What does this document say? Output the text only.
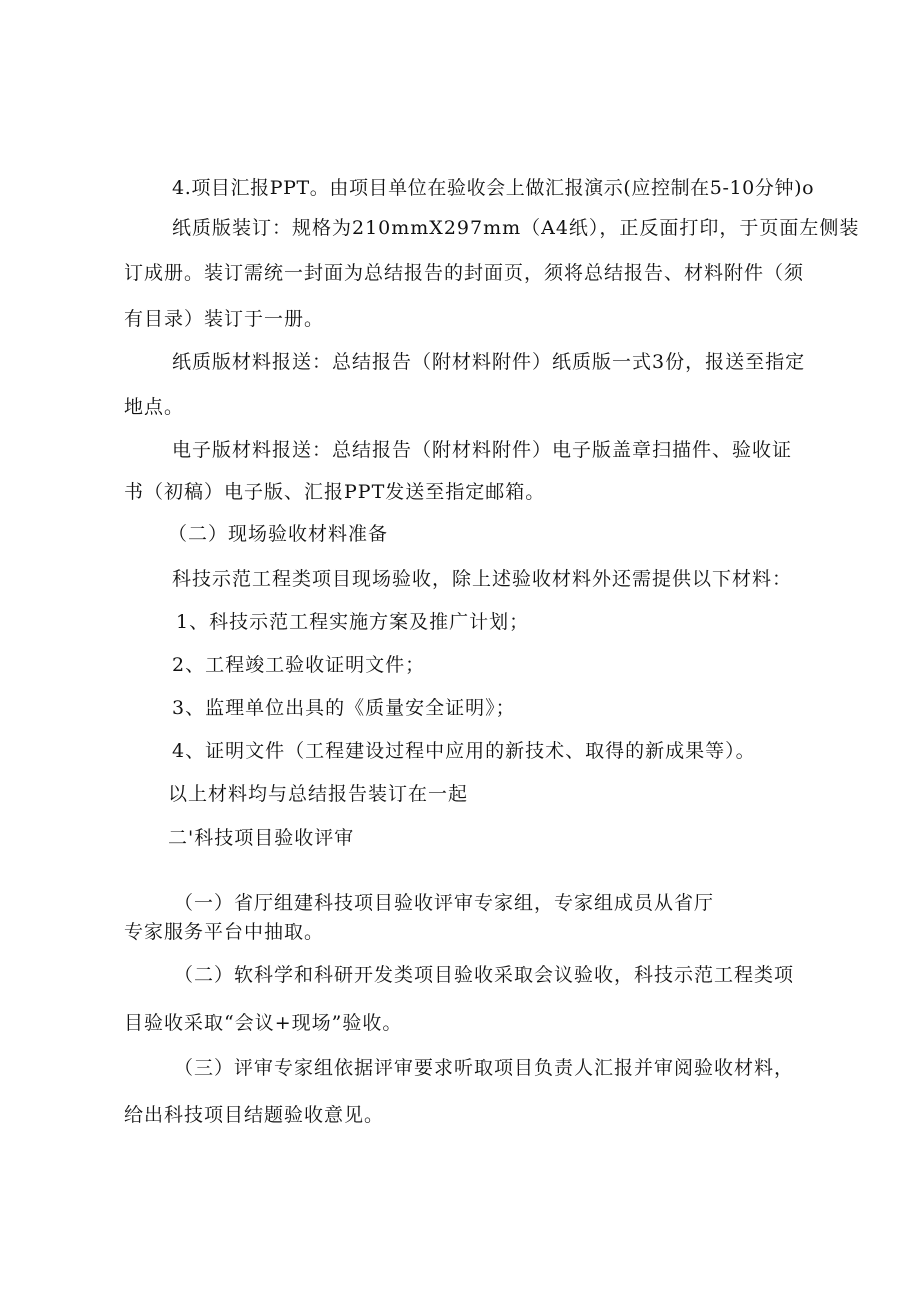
4.项目汇报PPT。由项目单位在验收会上做汇报演示(应控制在5-10分钟)o
纸质版装订：规格为210mmX297mm（A4纸），正反面打印，于页面左侧装
订成册。装订需统一封面为总结报告的封面页，须将总结报告、材料附件（须
有目录）装订于一册。
纸质版材料报送：总结报告（附材料附件）纸质版一式3份，报送至指定
地点。
电子版材料报送：总结报告（附材料附件）电子版盖章扫描件、验收证
书（初稿）电子版、汇报PPT发送至指定邮箱。
（二）现场验收材料准备
科技示范工程类项目现场验收，除上述验收材料外还需提供以下材料：
1、科技示范工程实施方案及推广计划；
2、工程竣工验收证明文件；
3、监理单位出具的《质量安全证明》；
4、证明文件（工程建设过程中应用的新技术、取得的新成果等）。
以上材料均与总结报告装订在一起
二'科技项目验收评审
（一）省厅组建科技项目验收评审专家组，专家组成员从省厅
专家服务平台中抽取。
（二）软科学和科研开发类项目验收采取会议验收，科技示范工程类项
目验收采取“会议+现场”验收。
（三）评审专家组依据评审要求听取项目负责人汇报并审阅验收材料，
给出科技项目结题验收意见。
